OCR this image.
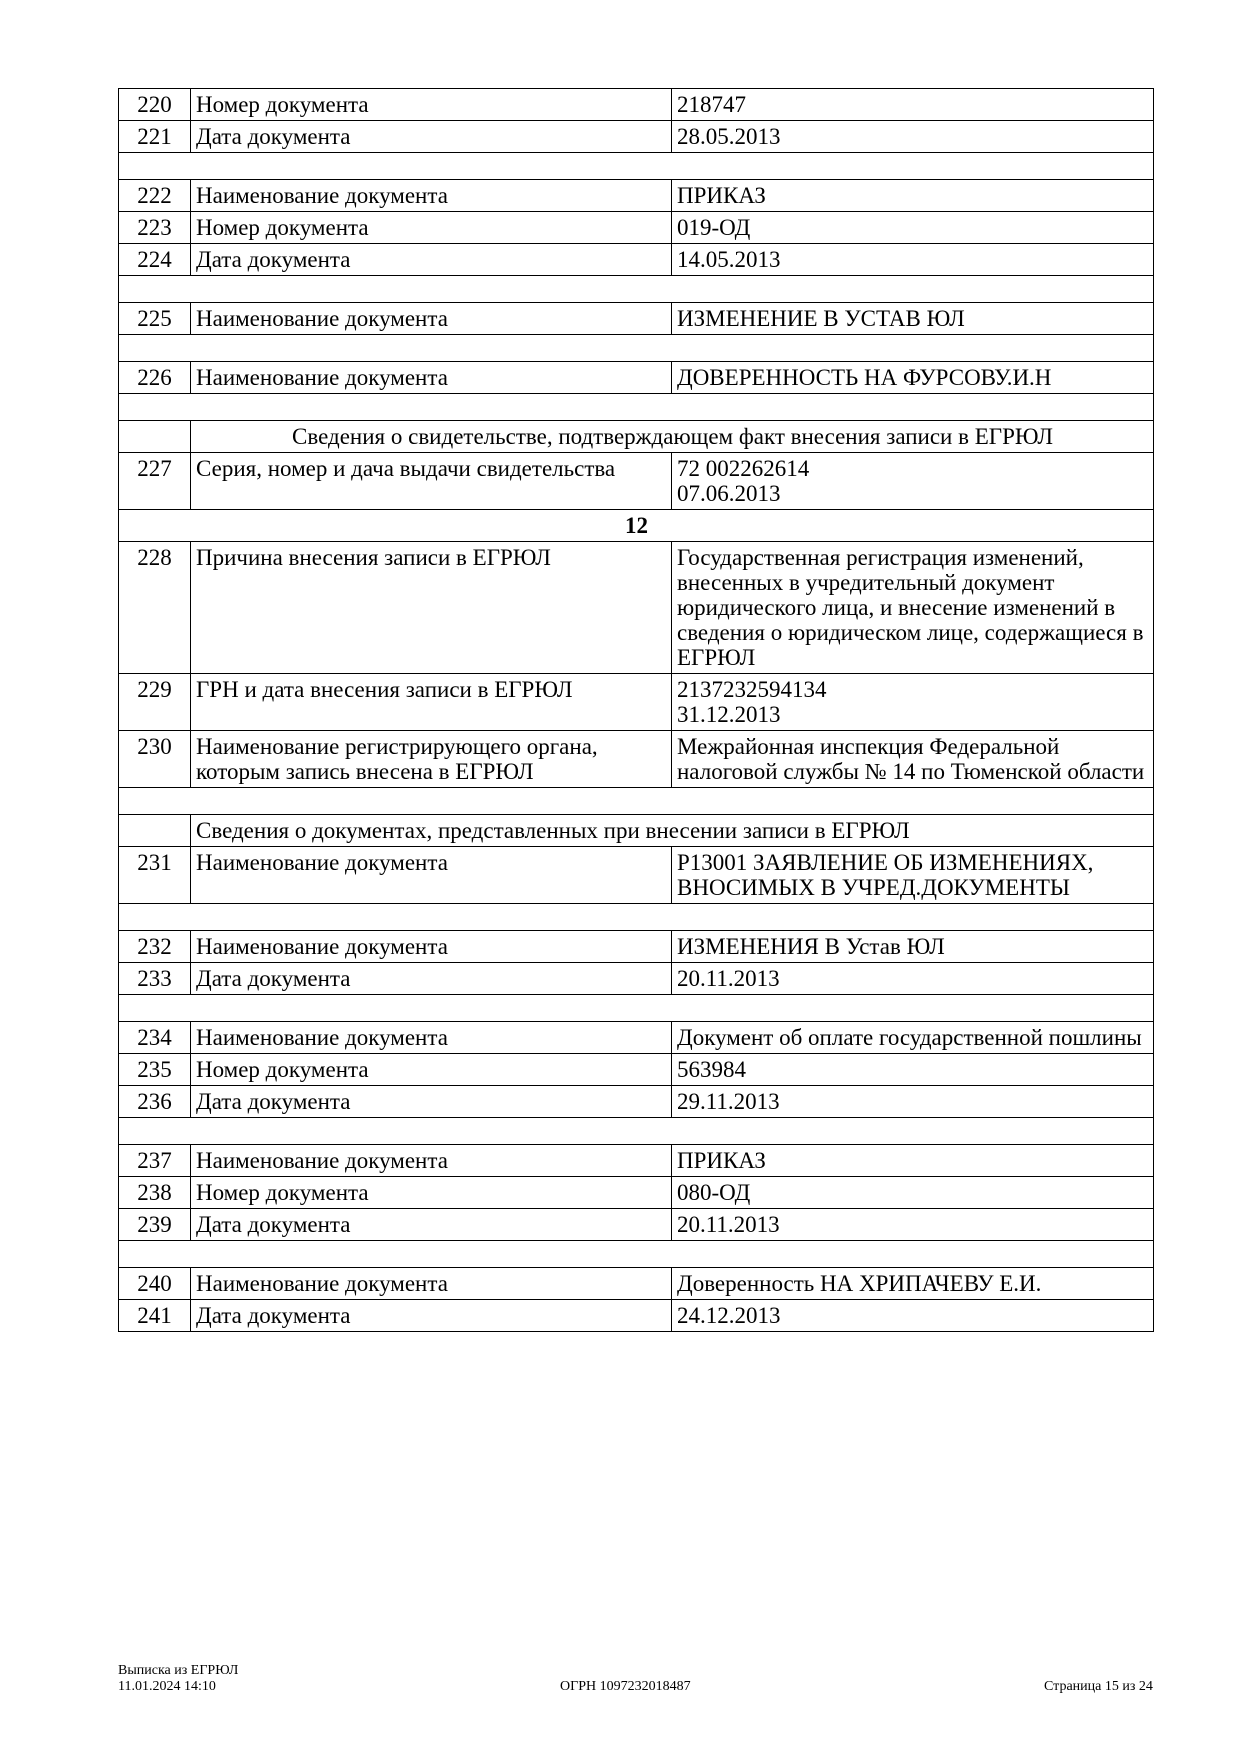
220	Номер документа	218747
221	Дата документа	28.05.2013

222	Наименование документа	ПРИКАЗ
223	Номер документа	019-ОД
224	Дата документа	14.05.2013

225	Наименование документа	ИЗМЕНЕНИЕ В УСТАВ ЮЛ

226	Наименование документа	ДОВЕРЕННОСТЬ НА ФУРСОВУ.И.Н

	Сведения о свидетельстве, подтверждающем факт внесения записи в ЕГРЮЛ	
227	Серия, номер и дача выдачи свидетельства	72 002262614
07.06.2013
12		
228	Причина внесения записи в ЕГРЮЛ	Государственная регистрация изменений, внесенных в учредительный документ юридического лица, и внесение изменений в сведения о юридическом лице, содержащиеся в ЕГРЮЛ
229	ГРН и дата внесения записи в ЕГРЮЛ	2137232594134
31.12.2013
230	Наименование регистрирующего органа, которым запись внесена в ЕГРЮЛ	Межрайонная инспекция Федеральной налоговой службы № 14 по Тюменской области

	Сведения о документах, представленных при внесении записи в ЕГРЮЛ	
231	Наименование документа	Р13001 ЗАЯВЛЕНИЕ ОБ ИЗМЕНЕНИЯХ, ВНОСИМЫХ В УЧРЕД.ДОКУМЕНТЫ

232	Наименование документа	ИЗМЕНЕНИЯ В Устав ЮЛ
233	Дата документа	20.11.2013

234	Наименование документа	Документ об оплате государственной пошлины
235	Номер документа	563984
236	Дата документа	29.11.2013

237	Наименование документа	ПРИКАЗ
238	Номер документа	080-ОД
239	Дата документа	20.11.2013

240	Наименование документа	Доверенность НА ХРИПАЧЕВУ Е.И.
241	Дата документа	24.12.2013
Выписка из ЕГРЮЛ
11.01.2024 14:10	ОГРН 1097232018487	Страница 15 из 24
